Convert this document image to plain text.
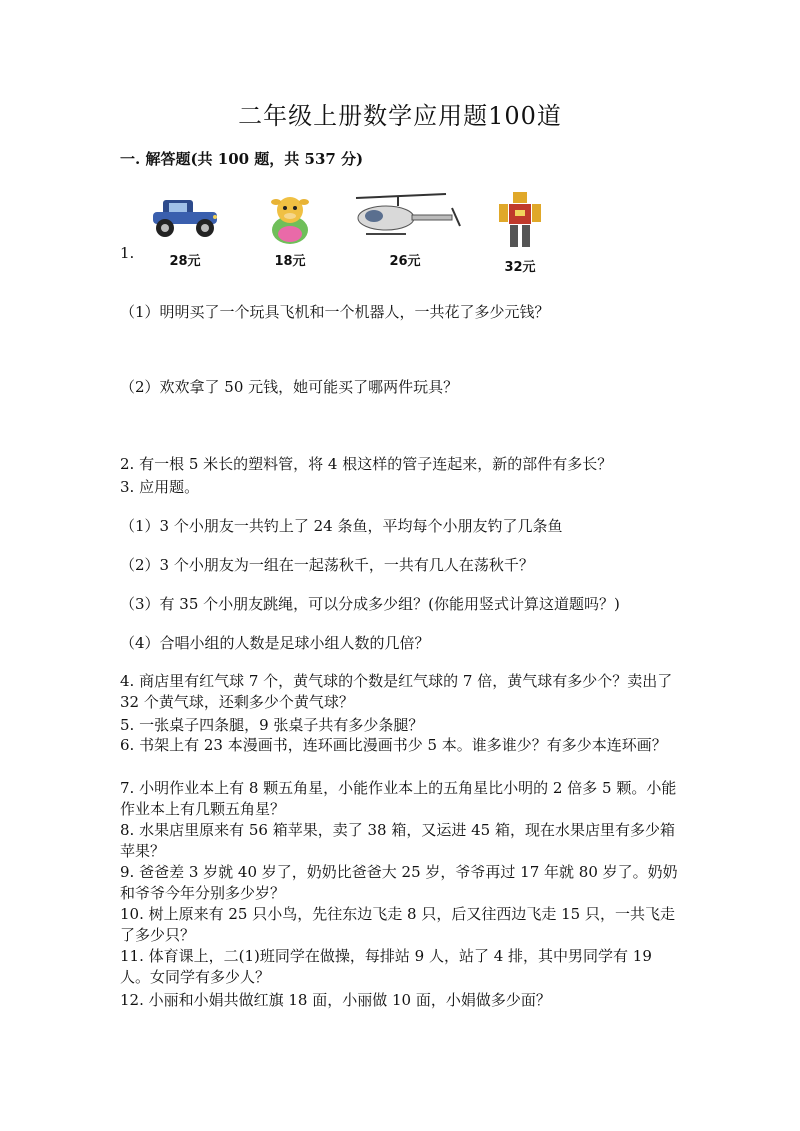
二年级上册数学应用题100道
一. 解答题(共 100 题，共 537 分)
1.	28元	18元	26元	32元
（1）明明买了一个玩具飞机和一个机器人，一共花了多少元钱？
（2）欢欢拿了 50 元钱，她可能买了哪两件玩具？
2. 有一根 5 米长的塑料管，将 4 根这样的管子连起来，新的部件有多长？
3. 应用题。
（1）3 个小朋友一共钓上了 24 条鱼，平均每个小朋友钓了几条鱼
（2）3 个小朋友为一组在一起荡秋千，一共有几人在荡秋千？
（3）有 35 个小朋友跳绳，可以分成多少组？(你能用竖式计算这道题吗？)
（4）合唱小组的人数是足球小组人数的几倍？
4. 商店里有红气球 7 个，黄气球的个数是红气球的 7 倍，黄气球有多少个？卖出了 32 个黄气球，还剩多少个黄气球？
5. 一张桌子四条腿，9 张桌子共有多少条腿？
6. 书架上有 23 本漫画书，连环画比漫画书少 5 本。谁多谁少？有多少本连环画？
7. 小明作业本上有 8 颗五角星，小能作业本上的五角星比小明的 2 倍多 5 颗。小能作业本上有几颗五角星？
8. 水果店里原来有 56 箱苹果，卖了 38 箱，又运进 45 箱，现在水果店里有多少箱苹果？
9. 爸爸差 3 岁就 40 岁了，奶奶比爸爸大 25 岁，爷爷再过 17 年就 80 岁了。奶奶和爷爷今年分别多少岁？
10. 树上原来有 25 只小鸟，先往东边飞走 8 只，后又往西边飞走 15 只，一共飞走了多少只？
11. 体育课上，二(1)班同学在做操，每排站 9 人，站了 4 排，其中男同学有 19 人。女同学有多少人？
12. 小丽和小娟共做红旗 18 面，小丽做 10 面，小娟做多少面？
